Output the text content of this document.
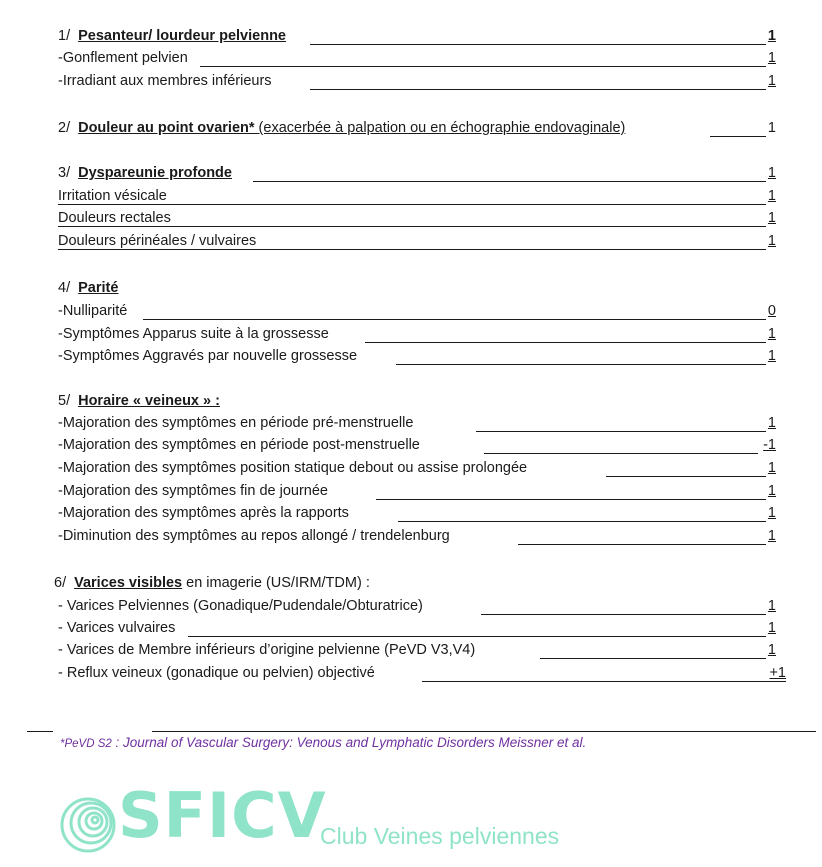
1/ Pesanteur/ lourdeur pelvienne	1
-Gonflement pelvien	1
-Irradiant aux membres inférieurs	1
2/ Douleur au point ovarien* (exacerbée à palpation ou en échographie endovaginale)	1
3/ Dyspareunie profonde	1
Irritation vésicale	1
Douleurs rectales	1
Douleurs périnéales / vulvaires	1
4/ Parité
-Nulliparité	0
-Symptômes Apparus suite à la grossesse	1
-Symptômes Aggravés par nouvelle grossesse	1
5/ Horaire « veineux » :
-Majoration des symptômes en période pré-menstruelle	1
-Majoration des symptômes en période post-menstruelle	-1
-Majoration des symptômes position statique debout ou assise prolongée	1
-Majoration des symptômes fin de journée	1
-Majoration des symptômes après la rapports	1
-Diminution des symptômes au repos allongé / trendelenburg	1
6/ Varices visibles en imagerie (US/IRM/TDM) :
- Varices Pelviennes (Gonadique/Pudendale/Obturatrice)	1
- Varices vulvaires	1
- Varices de Membre inférieurs d’origine pelvienne (PeVD V3,V4)	1
- Reflux veineux (gonadique ou pelvien) objectivé	+1
*PeVD S2 : Journal of Vascular Surgery: Venous and Lymphatic Disorders Meissner et al.
SFICV
Club Veines pelviennes
